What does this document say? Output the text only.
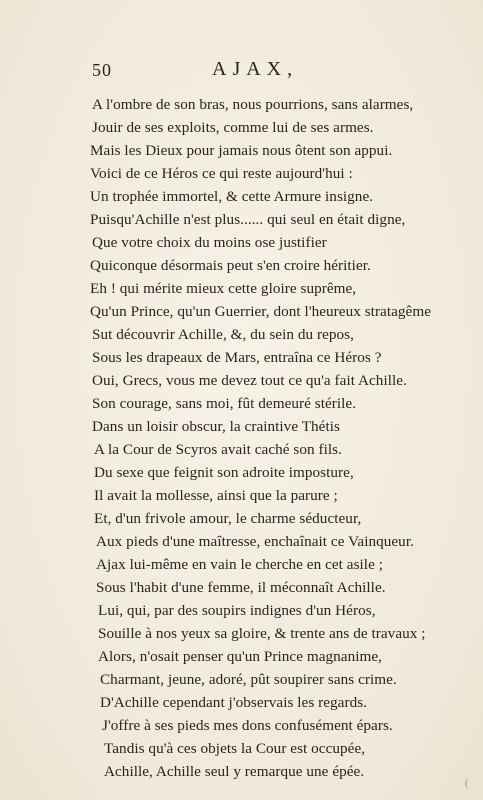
50	AJAX,
A l'ombre de son bras, nous pourrions, sans alarmes,
Jouir de ses exploits, comme lui de ses armes.
Mais les Dieux pour jamais nous ôtent son appui.
Voici de ce Héros ce qui reste aujourd'hui :
Un trophée immortel, & cette Armure insigne.
Puisqu'Achille n'est plus...... qui seul en était digne,
Que votre choix du moins ose justifier
Quiconque désormais peut s'en croire héritier.
Eh ! qui mérite mieux cette gloire suprême,
Qu'un Prince, qu'un Guerrier, dont l'heureux stratagême
Sut découvrir Achille, &, du sein du repos,
Sous les drapeaux de Mars, entraîna ce Héros ?
Oui, Grecs, vous me devez tout ce qu'a fait Achille.
Son courage, sans moi, fût demeuré stérile.
Dans un loisir obscur, la craintive Thétis
A la Cour de Scyros avait caché son fils.
Du sexe que feignit son adroite imposture,
Il avait la mollesse, ainsi que la parure ;
Et, d'un frivole amour, le charme séducteur,
Aux pieds d'une maîtresse, enchaînait ce Vainqueur.
Ajax lui-même en vain le cherche en cet asile ;
Sous l'habit d'une femme, il méconnaît Achille.
Lui, qui, par des soupirs indignes d'un Héros,
Souille à nos yeux sa gloire, & trente ans de travaux ;
Alors, n'osait penser qu'un Prince magnanime,
Charmant, jeune, adoré, pût soupirer sans crime.
D'Achille cependant j'observais les regards.
J'offre à ses pieds mes dons confusément épars.
Tandis qu'à ces objets la Cour est occupée,
Achille, Achille seul y remarque une épée.
(
